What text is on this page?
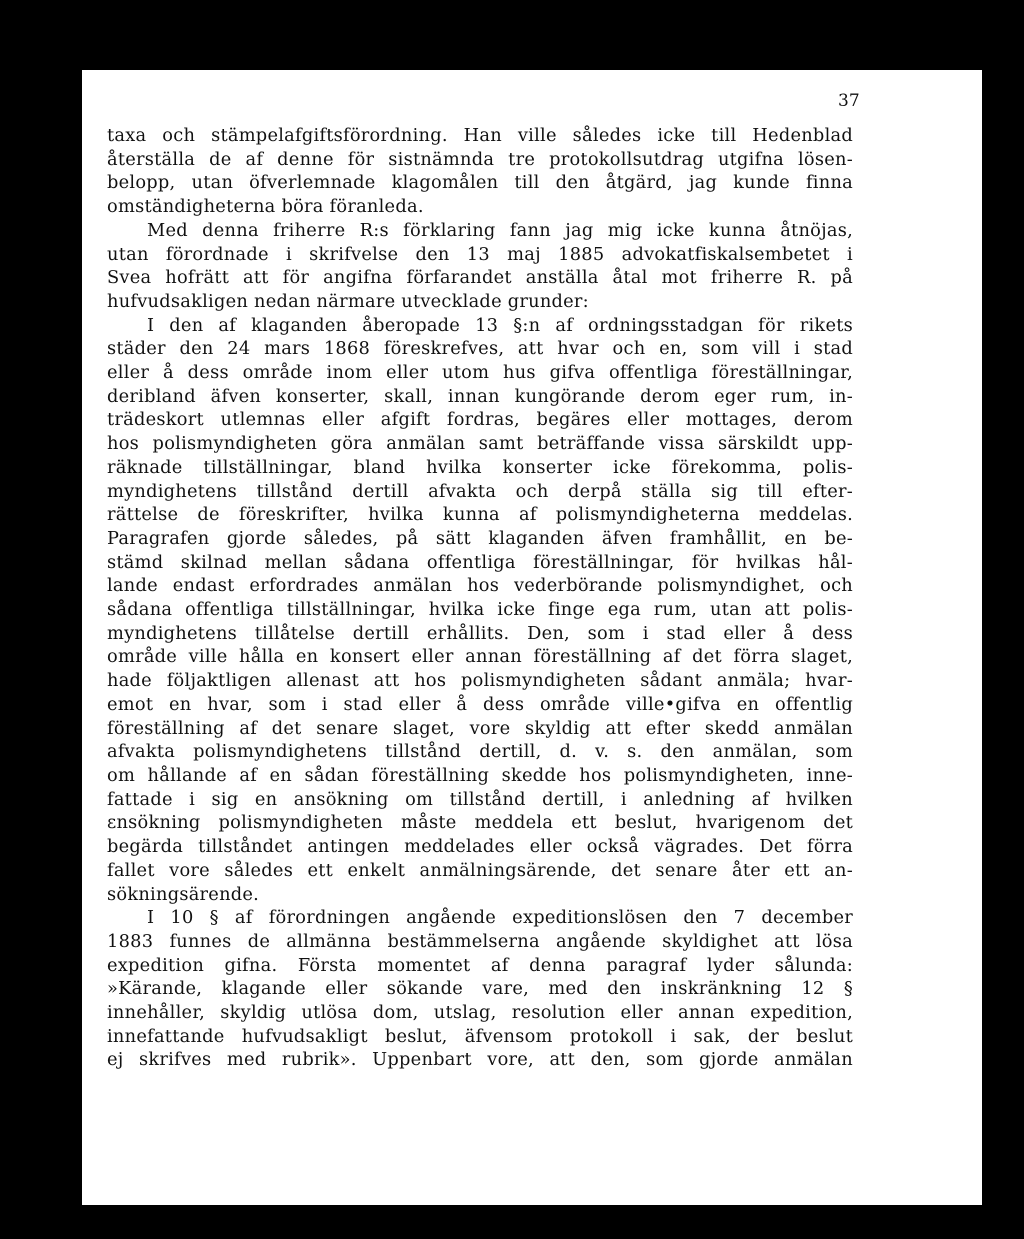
37
taxa och stämpelafgiftsförordning. Han ville således icke till Hedenblad
återställa de af denne för sistnämnda tre protokollsutdrag utgifna lösen-
belopp, utan öfverlemnade klagomålen till den åtgärd, jag kunde finna
omständigheterna böra föranleda.
Med denna friherre R:s förklaring fann jag mig icke kunna åtnöjas,
utan förordnade i skrifvelse den 13 maj 1885 advokatfiskalsembetet i
Svea hofrätt att för angifna förfarandet anställa åtal mot friherre R. på
hufvudsakligen nedan närmare utvecklade grunder:
I den af klaganden åberopade 13 §:n af ordningsstadgan för rikets
städer den 24 mars 1868 föreskrefves, att hvar och en, som vill i stad
eller å dess område inom eller utom hus gifva offentliga föreställningar,
deribland äfven konserter, skall, innan kungörande derom eger rum, in-
trädeskort utlemnas eller afgift fordras, begäres eller mottages, derom
hos polismyndigheten göra anmälan samt beträffande vissa särskildt upp-
räknade tillställningar, bland hvilka konserter icke förekomma, polis-
myndighetens tillstånd dertill afvakta och derpå ställa sig till efter-
rättelse de föreskrifter, hvilka kunna af polismyndigheterna meddelas.
Paragrafen gjorde således, på sätt klaganden äfven framhållit, en be-
stämd skilnad mellan sådana offentliga föreställningar, för hvilkas hål-
lande endast erfordrades anmälan hos vederbörande polismyndighet, och
sådana offentliga tillställningar, hvilka icke finge ega rum, utan att polis-
myndighetens tillåtelse dertill erhållits. Den, som i stad eller å dess
område ville hålla en konsert eller annan föreställning af det förra slaget,
hade följaktligen allenast att hos polismyndigheten sådant anmäla; hvar-
emot en hvar, som i stad eller å dess område ville•gifva en offentlig
föreställning af det senare slaget, vore skyldig att efter skedd anmälan
afvakta polismyndighetens tillstånd dertill, d. v. s. den anmälan, som
om hållande af en sådan föreställning skedde hos polismyndigheten, inne-
fattade i sig en ansökning om tillstånd dertill, i anledning af hvilken
ɛnsökning polismyndigheten måste meddela ett beslut, hvarigenom det
begärda tillståndet antingen meddelades eller också vägrades. Det förra
fallet vore således ett enkelt anmälningsärende, det senare åter ett an-
sökningsärende.
I 10 § af förordningen angående expeditionslösen den 7 december
1883 funnes de allmänna bestämmelserna angående skyldighet att lösa
expedition gifna. Första momentet af denna paragraf lyder sålunda:
»Kärande, klagande eller sökande vare, med den inskränkning 12 §
innehåller, skyldig utlösa dom, utslag, resolution eller annan expedition,
innefattande hufvudsakligt beslut, äfvensom protokoll i sak, der beslut
ej skrifves med rubrik». Uppenbart vore, att den, som gjorde anmälan
